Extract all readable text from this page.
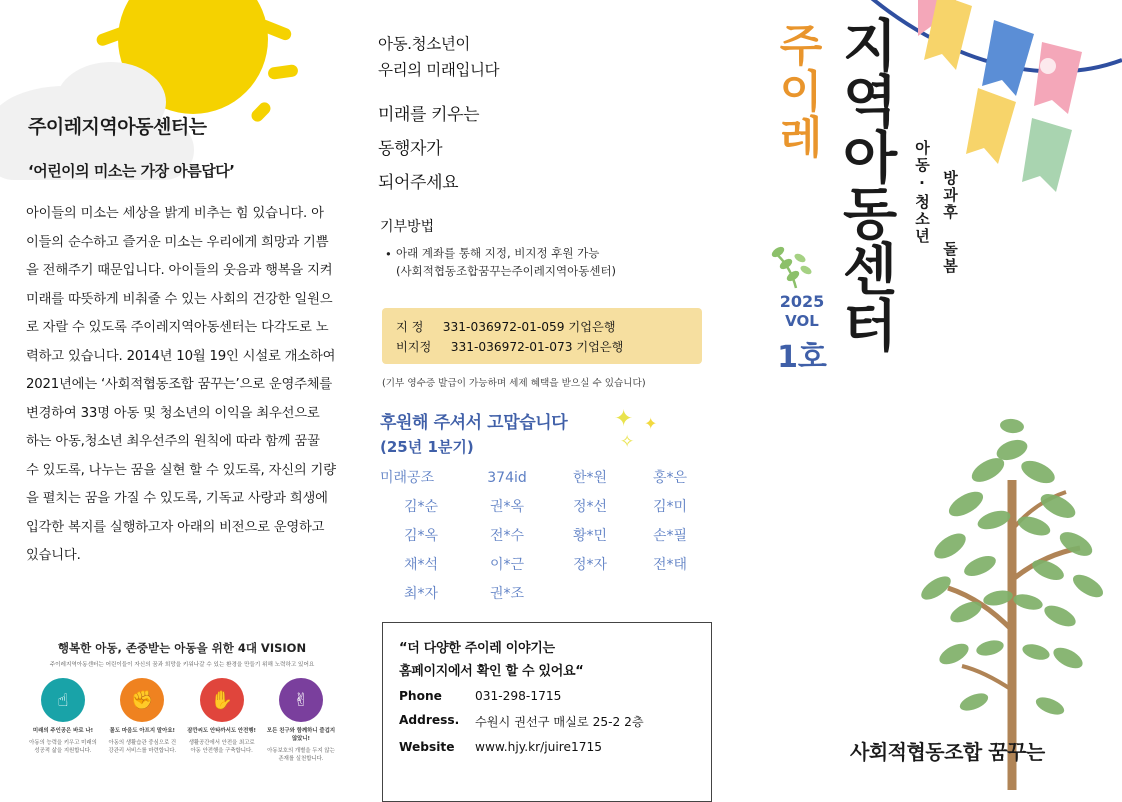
주이레지역아동센터는
‘어린이의 미소는 가장 아름답다’
아이들의 미소는 세상을 밝게 비추는 힘 있습니다. 아이들의 순수하고 즐거운 미소는 우리에게 희망과 기쁨을 전해주기 때문입니다. 아이들의 웃음과 행복을 지켜 미래를 따뜻하게 비춰줄 수 있는 사회의 건강한 일원으로 자랄 수 있도록 주이레지역아동센터는 다각도로 노력하고 있습니다. 2014년 10월 19인 시설로 개소하여 2021년에는 ‘사회적협동조합 꿈꾸는’으로 운영주체를 변경하여 33명 아동 및 청소년의 이익을 최우선으로 하는 아동,청소년 최우선주의 원칙에 따라 함께 꿈꿀 수 있도록, 나누는 꿈을 실현 할 수 있도록, 자신의 기량을 펼치는 꿈을 가질 수 있도록, 기독교 사랑과 희생에 입각한 복지를 실행하고자 아래의 비전으로 운영하고 있습니다.
행복한 아동, 존중받는 아동을 위한 4대 VISION
주이레지역아동센터는 어린이들이 자신의 꿈과 희망을 키워나갈 수 있는 환경을 만들기 위해 노력하고 있어요
☝
미래의 주인공은 바로 나!
아동의 능력을 키우고 미래의 성공적 삶을 지원합니다.
✊
몰도 마음도 아프지 말아요!
아동의 생활습관 중심으로 건강관리 서비스를 마련합니다.
✋
잠깐씨도 안타까서도 안전행!
생활공간에서 안전을 최고로 아동 안전행을 구축합니다.
✌
모든 친구와 함께하니 즐겁지 않았니!
아동보호의 개별을 두지 않는 존재를 실천합니다.
아동.청소년이
우리의 미래입니다
미래를 키우는
동행자가
되어주세요
기부방법
• 아래 계좌를 통해 지정, 비지정 후원 가능
(사회적협동조합꿈꾸는주이레지역아동센터)
지 정 331-036972-01-059 기업은행
비지정 331-036972-01-073 기업은행
(기부 영수증 발급이 가능하며 세제 혜택을 받으실 수 있습니다)
후원해 주셔서 고맙습니다
(25년 1분기)
✦ ✦
✧
미래공조	374id	한*원	홍*은
김*순	권*옥	정*선	김*미
김*옥	전*수	황*민	손*필
채*석	이*근	정*자	전*태
최*자	권*조
“더 다양한 주이레 이야기는
홈페이지에서 확인 할 수 있어요“
Phone	031-298-1715
Address.	수원시 권선구 매실로 25-2 2층
Website	www.hjy.kr/juire1715
주이레 지역아동센터 아동·청소년 방과후 돌봄
2025
VOL
1호
사회적협동조합 꿈꾸는
